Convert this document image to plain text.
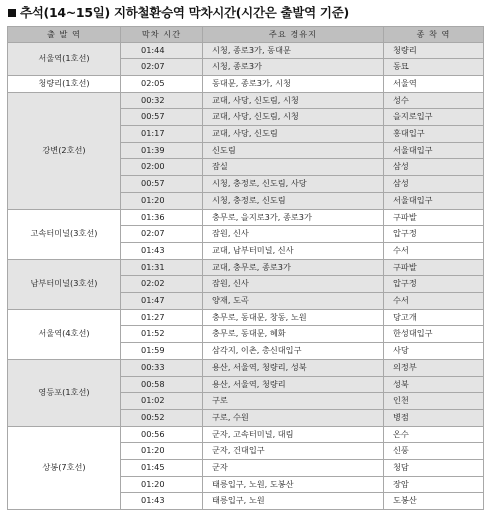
추석(14~15일) 지하철환승역 막차시간(시간은 출발역 기준)
출 발 역	막차 시간	주요 경유지	종 착 역
서울역(1호선)	01:44	시청, 종로3가, 동대문	청량리
	02:07	시청, 종로3가	동묘
청량리(1호선)	02:05	동대문, 종로3가, 시청	서울역
강변(2호선)	00:32	교대, 사당, 신도림, 시청	성수
	00:57	교대, 사당, 신도림, 시청	을지로입구
	01:17	교대, 사당, 신도림	홍대입구
	01:39	신도림	서울대입구
	02:00	잠실	삼성
	00:57	시청, 충정로, 신도림, 사당	삼성
	01:20	시청, 충정로, 신도림	서울대입구
고속터미널(3호선)	01:36	충무로, 을지로3가, 종로3가	구파발
	02:07	잠원, 신사	압구정
	01:43	교대, 남부터미널, 신사	수서
남부터미널(3호선)	01:31	교대, 충무로, 종로3가	구파발
	02:02	잠원, 신사	압구정
	01:47	양재, 도곡	수서
서울역(4호선)	01:27	충무로, 동대문, 창동, 노원	당고개
	01:52	충무로, 동대문, 혜화	한성대입구
	01:59	삼각지, 이촌, 총신대입구	사당
영등포(1호선)	00:33	용산, 서울역, 청량리, 성북	의정부
	00:58	용산, 서울역, 청량리	성북
	01:02	구로	인천
	00:52	구로, 수원	병점
상봉(7호선)	00:56	군자, 고속터미널, 대림	온수
	01:20	군자, 건대입구	신풍
	01:45	군자	청담
	01:20	태릉입구, 노원, 도봉산	장암
	01:43	태릉입구, 노원	도봉산
